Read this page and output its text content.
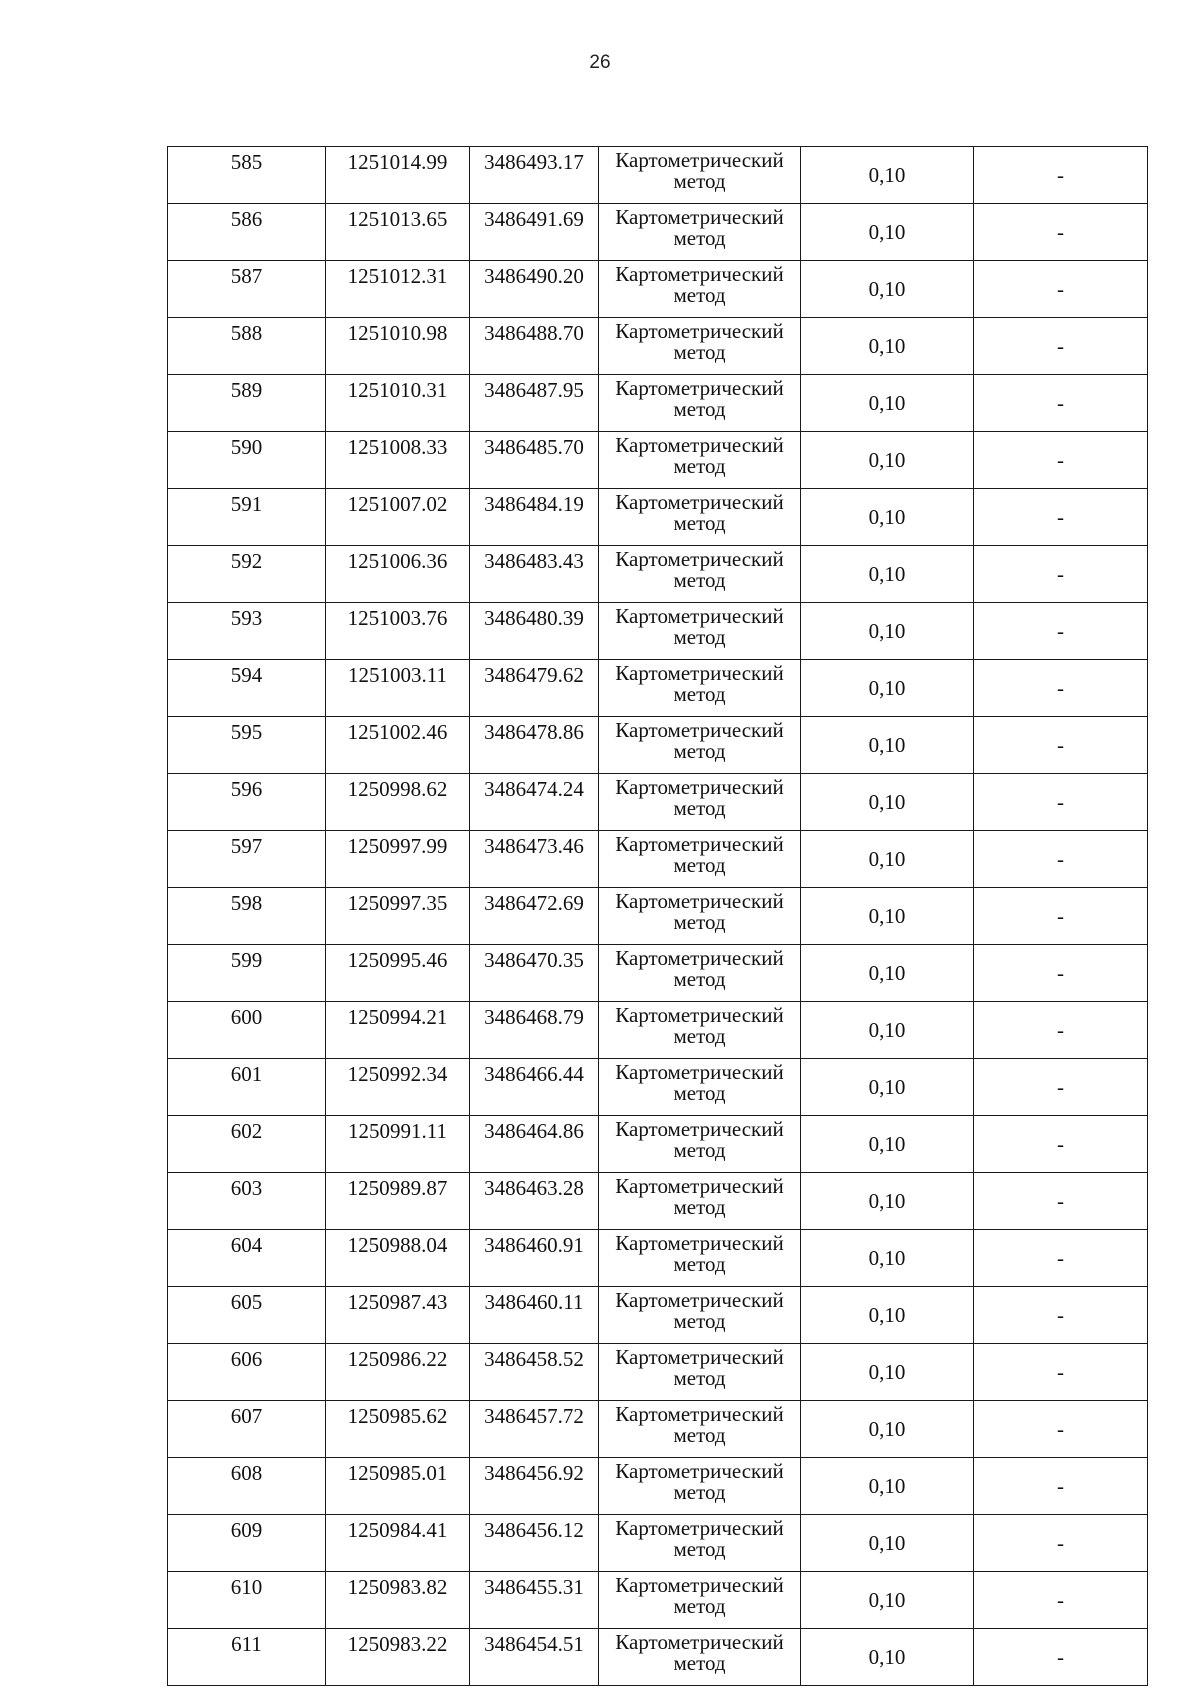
26
585	1251014.99	3486493.17	Картометрический
метод	0,10	-
586	1251013.65	3486491.69	Картометрический
метод	0,10	-
587	1251012.31	3486490.20	Картометрический
метод	0,10	-
588	1251010.98	3486488.70	Картометрический
метод	0,10	-
589	1251010.31	3486487.95	Картометрический
метод	0,10	-
590	1251008.33	3486485.70	Картометрический
метод	0,10	-
591	1251007.02	3486484.19	Картометрический
метод	0,10	-
592	1251006.36	3486483.43	Картометрический
метод	0,10	-
593	1251003.76	3486480.39	Картометрический
метод	0,10	-
594	1251003.11	3486479.62	Картометрический
метод	0,10	-
595	1251002.46	3486478.86	Картометрический
метод	0,10	-
596	1250998.62	3486474.24	Картометрический
метод	0,10	-
597	1250997.99	3486473.46	Картометрический
метод	0,10	-
598	1250997.35	3486472.69	Картометрический
метод	0,10	-
599	1250995.46	3486470.35	Картометрический
метод	0,10	-
600	1250994.21	3486468.79	Картометрический
метод	0,10	-
601	1250992.34	3486466.44	Картометрический
метод	0,10	-
602	1250991.11	3486464.86	Картометрический
метод	0,10	-
603	1250989.87	3486463.28	Картометрический
метод	0,10	-
604	1250988.04	3486460.91	Картометрический
метод	0,10	-
605	1250987.43	3486460.11	Картометрический
метод	0,10	-
606	1250986.22	3486458.52	Картометрический
метод	0,10	-
607	1250985.62	3486457.72	Картометрический
метод	0,10	-
608	1250985.01	3486456.92	Картометрический
метод	0,10	-
609	1250984.41	3486456.12	Картометрический
метод	0,10	-
610	1250983.82	3486455.31	Картометрический
метод	0,10	-
611	1250983.22	3486454.51	Картометрический
метод	0,10	-
